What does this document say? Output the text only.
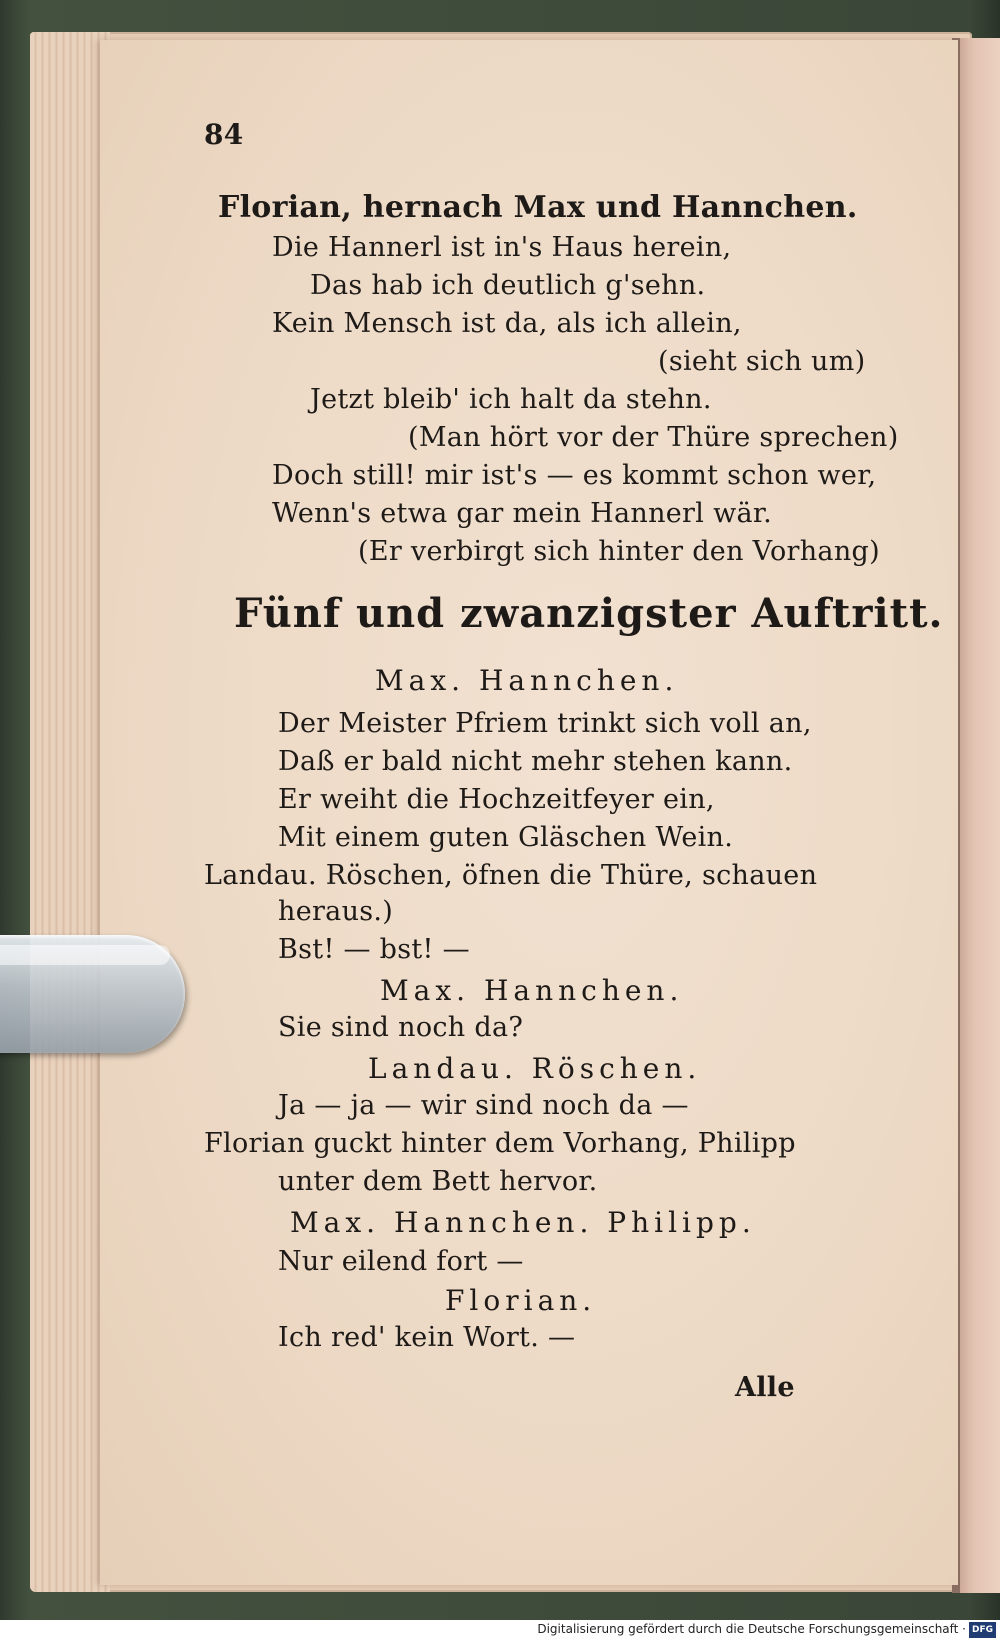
84
Florian, hernach Max und Hannchen.
Die Hannerl ist in's Haus herein,
Das hab ich deutlich g'sehn.
Kein Mensch ist da, als ich allein,
(sieht sich um)
Jetzt bleib' ich halt da stehn.
(Man hört vor der Thüre sprechen)
Doch still! mir ist's — es kommt schon wer,
Wenn's etwa gar mein Hannerl wär.
(Er verbirgt sich hinter den Vorhang)
Fünf und zwanzigster Auftritt.
Max. Hannchen.
Der Meister Pfriem trinkt sich voll an,
Daß er bald nicht mehr stehen kann.
Er weiht die Hochzeitfeyer ein,
Mit einem guten Gläschen Wein.
Landau. Röschen, öfnen die Thüre, schauen
heraus.)
Bst! — bst! —
Max. Hannchen.
Sie sind noch da?
Landau. Röschen.
Ja — ja — wir sind noch da —
Florian guckt hinter dem Vorhang, Philipp
unter dem Bett hervor.
Max. Hannchen. Philipp.
Nur eilend fort —
Florian.
Ich red' kein Wort. —
Alle
Digitalisierung gefördert durch die Deutsche Forschungsgemeinschaft · DFG
